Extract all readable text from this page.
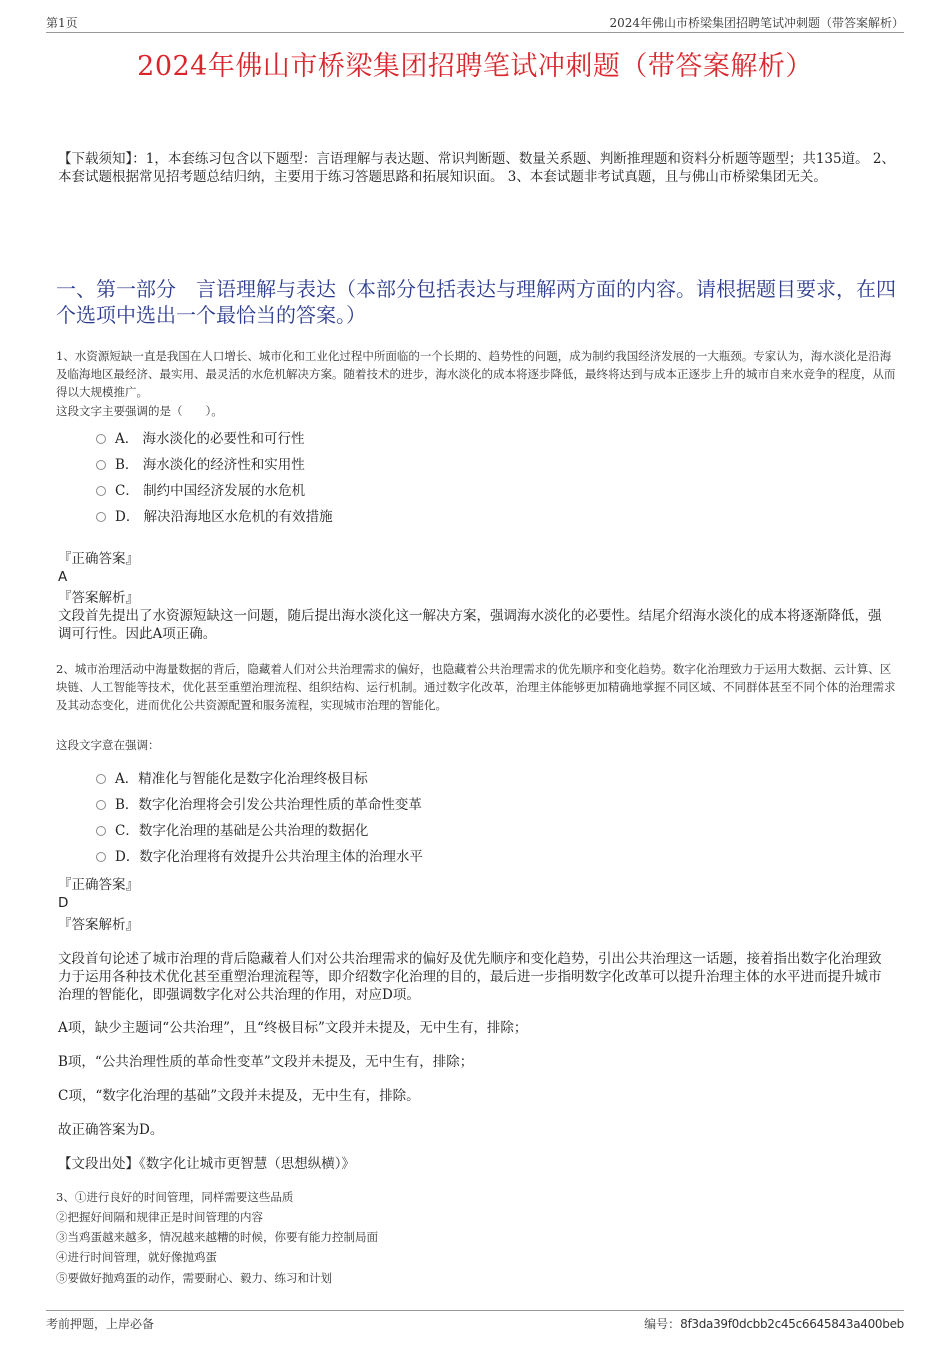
第1页	2024年佛山市桥梁集团招聘笔试冲刺题（带答案解析）
2024年佛山市桥梁集团招聘笔试冲刺题（带答案解析）
【下载须知】：1，本套练习包含以下题型：言语理解与表达题、常识判断题、数量关系题、判断推理题和资料分析题等题型；共135道。 2、本套试题根据常见招考题总结归纳，主要用于练习答题思路和拓展知识面。 3、本套试题非考试真题，且与佛山市桥梁集团无关。
一、第一部分　言语理解与表达（本部分包括表达与理解两方面的内容。请根据题目要求，在四个选项中选出一个最恰当的答案。）
1、水资源短缺一直是我国在人口增长、城市化和工业化过程中所面临的一个长期的、趋势性的问题，成为制约我国经济发展的一大瓶颈。专家认为，海水淡化是沿海及临海地区最经济、最实用、最灵活的水危机解决方案。随着技术的进步，海水淡化的成本将逐步降低，最终将达到与成本正逐步上升的城市自来水竞争的程度，从而得以大规模推广。
这段文字主要强调的是（　　）。
A． 海水淡化的必要性和可行性
B． 海水淡化的经济性和实用性
C． 制约中国经济发展的水危机
D． 解决沿海地区水危机的有效措施
『正确答案』
A
『答案解析』
文段首先提出了水资源短缺这一问题，随后提出海水淡化这一解决方案，强调海水淡化的必要性。结尾介绍海水淡化的成本将逐渐降低，强调可行性。因此A项正确。
2、城市治理活动中海量数据的背后，隐藏着人们对公共治理需求的偏好，也隐藏着公共治理需求的优先顺序和变化趋势。数字化治理致力于运用大数据、云计算、区块链、人工智能等技术，优化甚至重塑治理流程、组织结构、运行机制。通过数字化改革，治理主体能够更加精确地掌握不同区域、不同群体甚至不同个体的治理需求及其动态变化，进而优化公共资源配置和服务流程，实现城市治理的智能化。
这段文字意在强调：
A．精准化与智能化是数字化治理终极目标
B．数字化治理将会引发公共治理性质的革命性变革
C．数字化治理的基础是公共治理的数据化
D．数字化治理将有效提升公共治理主体的治理水平
『正确答案』
D
『答案解析』
文段首句论述了城市治理的背后隐藏着人们对公共治理需求的偏好及优先顺序和变化趋势，引出公共治理这一话题，接着指出数字化治理致力于运用各种技术优化甚至重塑治理流程等，即介绍数字化治理的目的，最后进一步指明数字化改革可以提升治理主体的水平进而提升城市治理的智能化，即强调数字化对公共治理的作用，对应D项。
A项，缺少主题词“公共治理”，且“终极目标”文段并未提及，无中生有，排除；
B项，“公共治理性质的革命性变革”文段并未提及，无中生有，排除；
C项，“数字化治理的基础”文段并未提及，无中生有，排除。
故正确答案为D。
【文段出处】《数字化让城市更智慧（思想纵横）》
3、①进行良好的时间管理，同样需要这些品质
②把握好间隔和规律正是时间管理的内容
③当鸡蛋越来越多，情况越来越糟的时候，你要有能力控制局面
④进行时间管理，就好像抛鸡蛋
⑤要做好抛鸡蛋的动作，需要耐心、毅力、练习和计划
考前押题，上岸必备	编号：8f3da39f0dcbb2c45c6645843a400beb
